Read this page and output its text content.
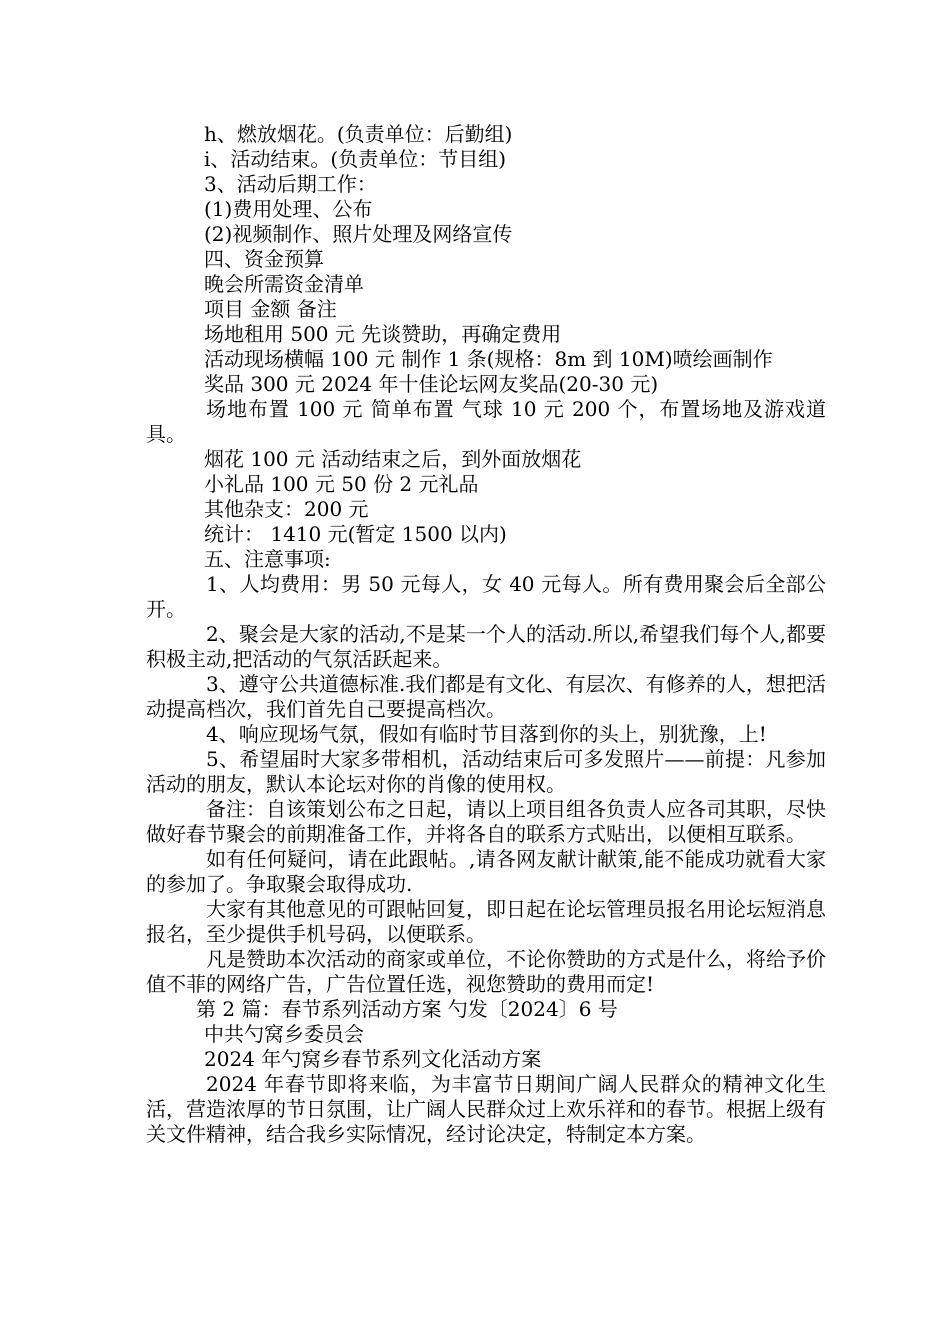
h、燃放烟花。(负责单位：后勤组)
i、活动结束。(负责单位：节目组)
3、活动后期工作：
(1)费用处理、公布
(2)视频制作、照片处理及网络宣传
四、资金预算
晚会所需资金清单
项目 金额 备注
场地租用 500 元 先谈赞助，再确定费用
活动现场横幅 100 元 制作 1 条(规格：8m 到 10M)喷绘画制作
奖品 300 元 2024 年十佳论坛网友奖品(20-30 元)

场地布置 100 元 简单布置 气球 10 元 200 个，布置场地及游戏道具。

烟花 100 元 活动结束之后，到外面放烟花
小礼品 100 元 50 份 2 元礼品
其他杂支：200 元
统计： 1410 元(暂定 1500 以内)
五、注意事项:

1、人均费用：男 50 元每人，女 40 元每人。所有费用聚会后全部公开。

2、聚会是大家的活动,不是某一个人的活动.所以,希望我们每个人,都要积极主动,把活动的气氛活跃起来。

3、遵守公共道德标准.我们都是有文化、有层次、有修养的人，想把活动提高档次，我们首先自己要提高档次。

4、响应现场气氛，假如有临时节目落到你的头上，别犹豫，上!

5、希望届时大家多带相机，活动结束后可多发照片——前提：凡参加活动的朋友，默认本论坛对你的肖像的使用权。

备注：自该策划公布之日起，请以上项目组各负责人应各司其职，尽快做好春节聚会的前期准备工作，并将各自的联系方式贴出，以便相互联系。

如有任何疑问，请在此跟帖。,请各网友献计献策,能不能成功就看大家的参加了。争取聚会取得成功.

大家有其他意见的可跟帖回复，即日起在论坛管理员报名用论坛短消息报名，至少提供手机号码，以便联系。

凡是赞助本次活动的商家或单位，不论你赞助的方式是什么，将给予价值不菲的网络广告，广告位置任选，视您赞助的费用而定!

第 2 篇：春节系列活动方案 勺发〔2024〕6 号
中共勺窝乡委员会
2024 年勺窝乡春节系列文化活动方案

2024 年春节即将来临，为丰富节日期间广阔人民群众的精神文化生活，营造浓厚的节日氛围，让广阔人民群众过上欢乐祥和的春节。根据上级有关文件精神，结合我乡实际情况，经讨论决定，特制定本方案。
